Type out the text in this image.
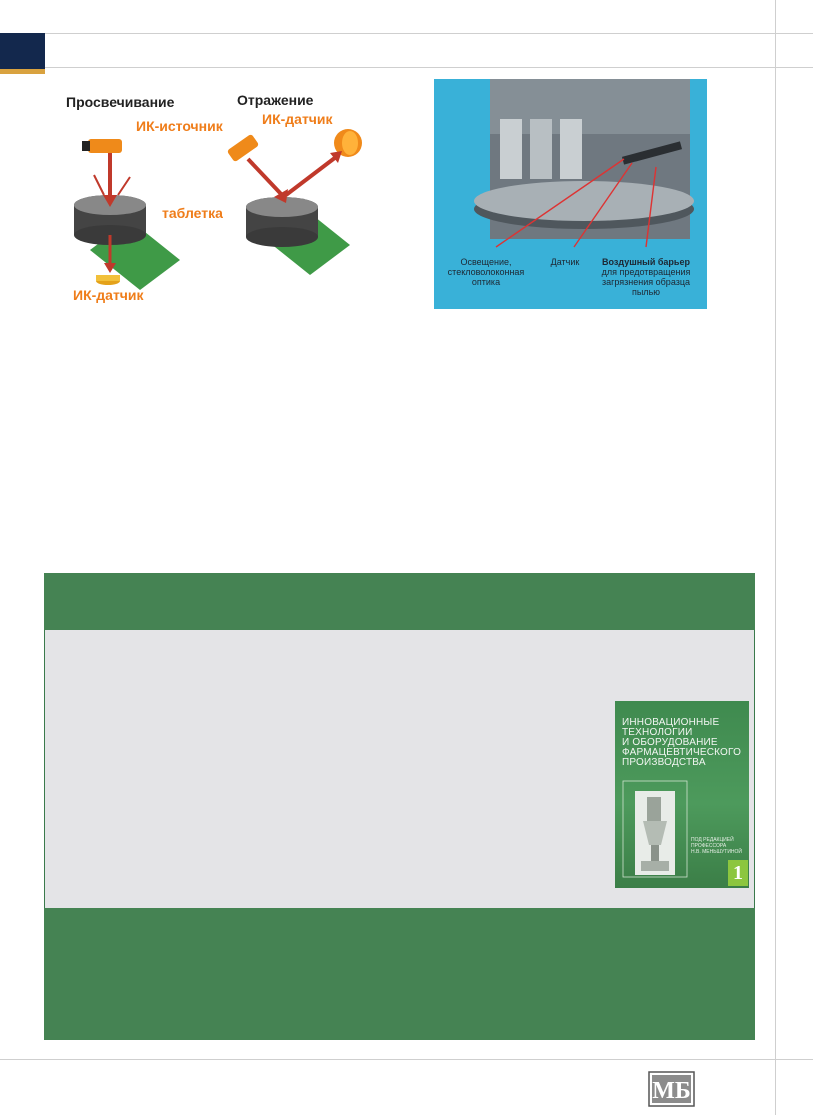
Просвечивание	Отражение
ИК-источник	ИК-датчик
таблетка
ИК-датчик
Освещение,
стекловолоконная
оптика
Датчик	Воздушный барьер
для предотвращения
загрязнения образца
пылью
ИННОВАЦИОННЫЕ
ТЕХНОЛОГИИ
И ОБОРУДОВАНИЕ
ФАРМАЦЕВТИЧЕСКОГО
ПРОИЗВОДСТВА
ПОД РЕДАКЦИЕЙ
ПРОФЕССОРА
Н.В. МЕНЬШУТИНОЙ
1
МБ
